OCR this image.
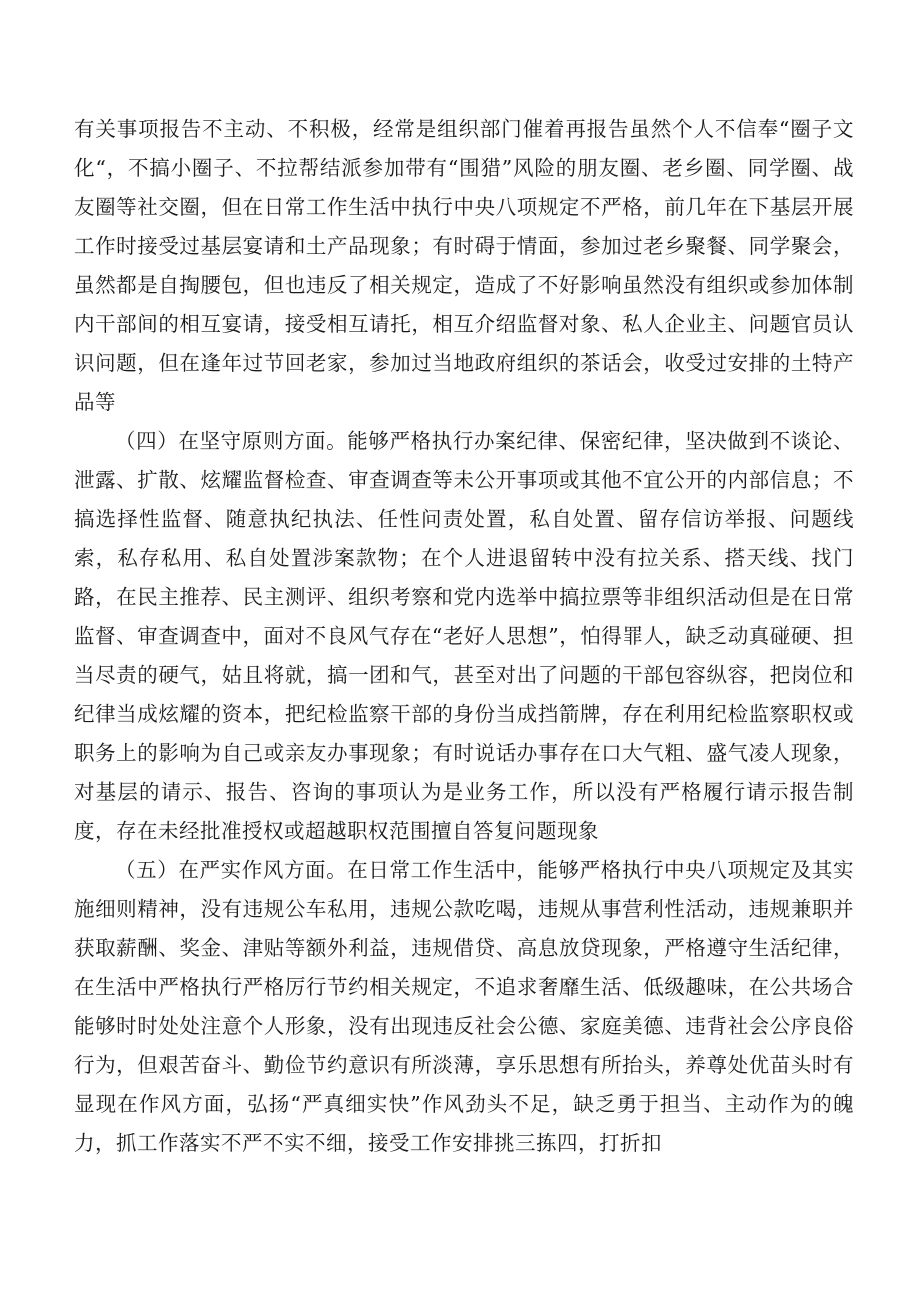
有关事项报告不主动、不积极，经常是组织部门催着再报告虽然个人不信奉“圈子文化“，不搞小圈子、不拉帮结派参加带有“围猎”风险的朋友圈、老乡圈、同学圈、战友圈等社交圈，但在日常工作生活中执行中央八项规定不严格，前几年在下基层开展工作时接受过基层宴请和土产品现象；有时碍于情面，参加过老乡聚餐、同学聚会，虽然都是自掏腰包，但也违反了相关规定，造成了不好影响虽然没有组织或参加体制内干部间的相互宴请，接受相互请托，相互介绍监督对象、私人企业主、问题官员认识问题，但在逢年过节回老家，参加过当地政府组织的茶话会，收受过安排的土特产品等

（四）在坚守原则方面。能够严格执行办案纪律、保密纪律，坚决做到不谈论、泄露、扩散、炫耀监督检查、审查调查等未公开事项或其他不宜公开的内部信息；不搞选择性监督、随意执纪执法、任性问责处置，私自处置、留存信访举报、问题线索，私存私用、私自处置涉案款物；在个人进退留转中没有拉关系、搭天线、找门路，在民主推荐、民主测评、组织考察和党内选举中搞拉票等非组织活动但是在日常监督、审查调查中，面对不良风气存在“老好人思想”，怕得罪人，缺乏动真碰硬、担当尽责的硬气，姑且将就，搞一团和气，甚至对出了问题的干部包容纵容，把岗位和纪律当成炫耀的资本，把纪检监察干部的身份当成挡箭牌，存在利用纪检监察职权或职务上的影响为自己或亲友办事现象；有时说话办事存在口大气粗、盛气凌人现象，对基层的请示、报告、咨询的事项认为是业务工作，所以没有严格履行请示报告制度，存在未经批准授权或超越职权范围擅自答复问题现象

（五）在严实作风方面。在日常工作生活中，能够严格执行中央八项规定及其实施细则精神，没有违规公车私用，违规公款吃喝，违规从事营利性活动，违规兼职并获取薪酬、奖金、津贴等额外利益，违规借贷、高息放贷现象，严格遵守生活纪律，在生活中严格执行严格厉行节约相关规定，不追求奢靡生活、低级趣味，在公共场合能够时时处处注意个人形象，没有出现违反社会公德、家庭美德、违背社会公序良俗行为，但艰苦奋斗、勤俭节约意识有所淡薄，享乐思想有所抬头，养尊处优苗头时有显现在作风方面，弘扬“严真细实快”作风劲头不足，缺乏勇于担当、主动作为的魄力，抓工作落实不严不实不细，接受工作安排挑三拣四，打折扣
